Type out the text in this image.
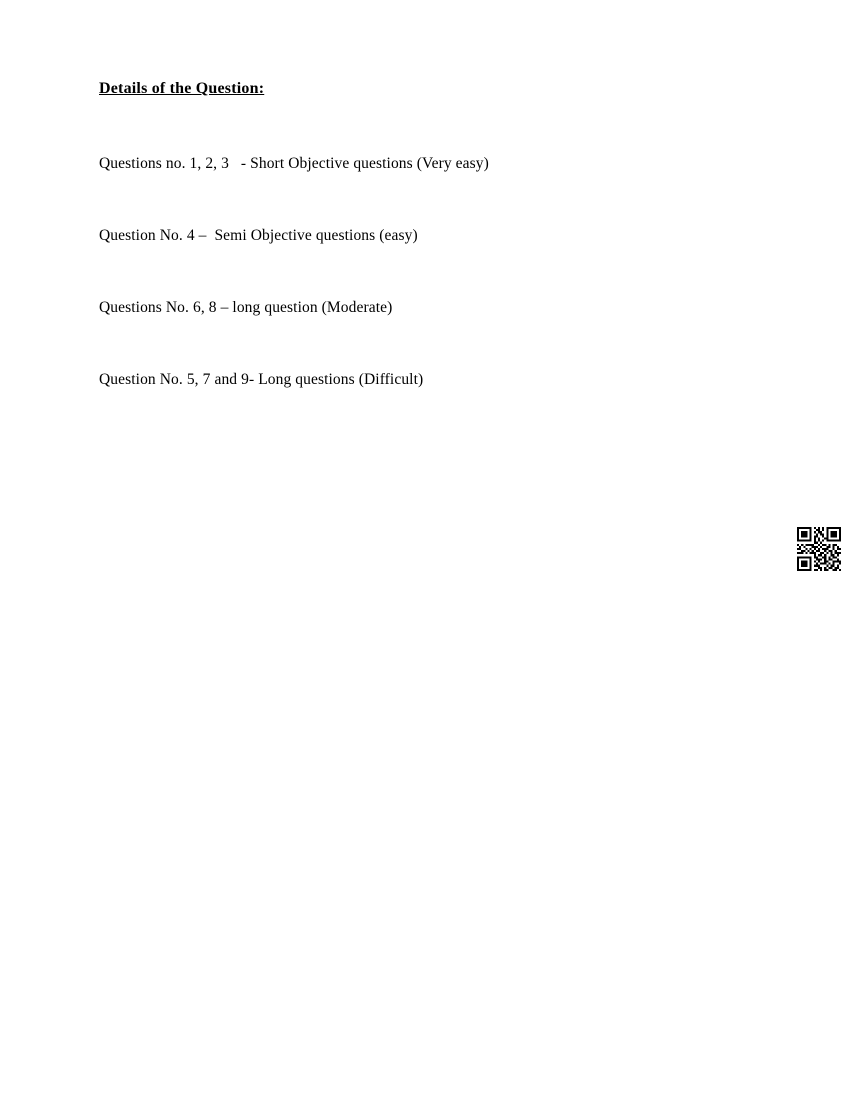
Details of the Question:
Questions no. 1, 2, 3   - Short Objective questions (Very easy)
Question No. 4 –  Semi Objective questions (easy)
Questions No. 6, 8 – long question (Moderate)
Question No. 5, 7 and 9- Long questions (Difficult)
